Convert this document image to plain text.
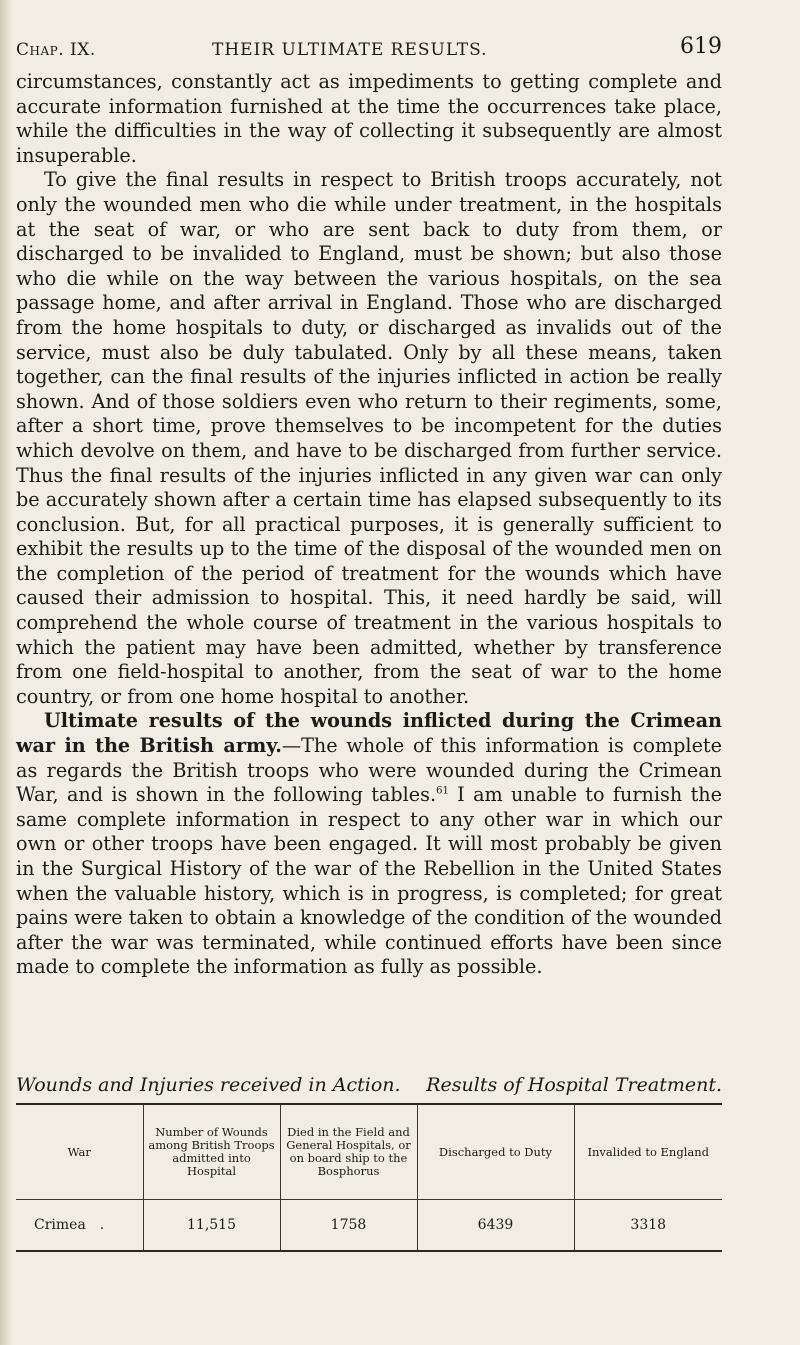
Chap. IX.	THEIR ULTIMATE RESULTS.	619

circumstances, constantly act as impediments to getting complete and accurate information furnished at the time the occurrences take place, while the difficulties in the way of collecting it subsequently are almost insuperable.

To give the final results in respect to British troops accurately, not only the wounded men who die while under treatment, in the hospitals at the seat of war, or who are sent back to duty from them, or discharged to be invalided to England, must be shown; but also those who die while on the way between the various hospitals, on the sea passage home, and after arrival in England. Those who are discharged from the home hospitals to duty, or discharged as invalids out of the service, must also be duly tabulated. Only by all these means, taken together, can the final results of the injuries inflicted in action be really shown. And of those soldiers even who return to their regiments, some, after a short time, prove themselves to be incompetent for the duties which devolve on them, and have to be discharged from further service. Thus the final results of the injuries inflicted in any given war can only be accurately shown after a certain time has elapsed subsequently to its conclusion. But, for all practical purposes, it is generally sufficient to exhibit the results up to the time of the disposal of the wounded men on the completion of the period of treatment for the wounds which have caused their admission to hospital. This, it need hardly be said, will comprehend the whole course of treatment in the various hospitals to which the patient may have been admitted, whether by transference from one field-hospital to another, from the seat of war to the home country, or from one home hospital to another.

Ultimate results of the wounds inflicted during the Crimean war in the British army.—The whole of this information is complete as regards the British troops who were wounded during the Crimean War, and is shown in the following tables.$^{61}$ I am unable to furnish the same complete information in respect to any other war in which our own or other troops have been engaged. It will most probably be given in the Surgical History of the war of the Rebellion in the United States when the valuable history, which is in progress, is completed; for great pains were taken to obtain a knowledge of the condition of the wounded after the war was terminated, while continued efforts have been since made to complete the information as fully as possible.

Wounds and Injuries received in Action. Results of Hospital Treatment.
War	Number of Wounds among British Troops admitted into Hospital	Died in the Field and General Hospitals, or on board ship to the Bosphorus	Discharged to Duty	Invalided to England
Crimea .	11,515	1758	6439	3318
